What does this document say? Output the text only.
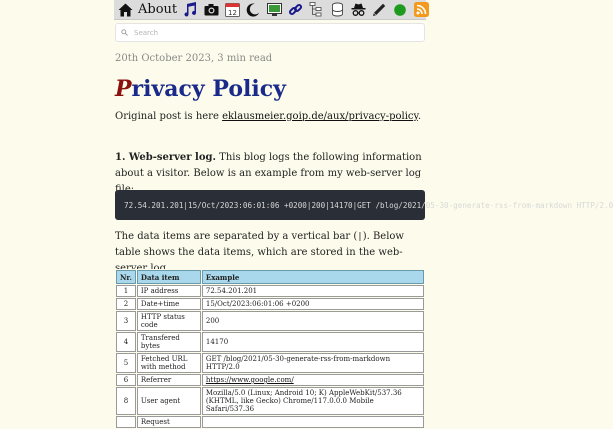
About	12
Search
20th October 2023, 3 min read
Privacy Policy

Original post is here eklausmeier.goip.de/aux/privacy-policy.

1. Web-server log. This blog logs the following information about a visitor. Below is an example from my web-server log

72.54.201.201|15/Oct/2023:06:01:06 +0200|200|14170|GET /blog/2021/05-30-generate-rss-from-markdown HTTP/2.0

The data items are separated by a vertical bar (|). Below table shows the data items, which are stored in the web-

Nr.	Data item	Example
1	IP address	72.54.201.201
2	Date+time	15/Oct/2023:06:01:06 +0200
3	HTTP status code	200
4	Transfered bytes	14170
5	Fetched URL with method	GET /blog/2021/05-30-generate-rss-from-markdown HTTP/2.0
6	Referrer	https://www.google.com/
8	User agent	Mozilla/5.0 (Linux; Android 10; K) AppleWebKit/537.36 (KHTML, like Gecko) Chrome/117.0.0.0 Mobile Safari/537.36
	Request	
